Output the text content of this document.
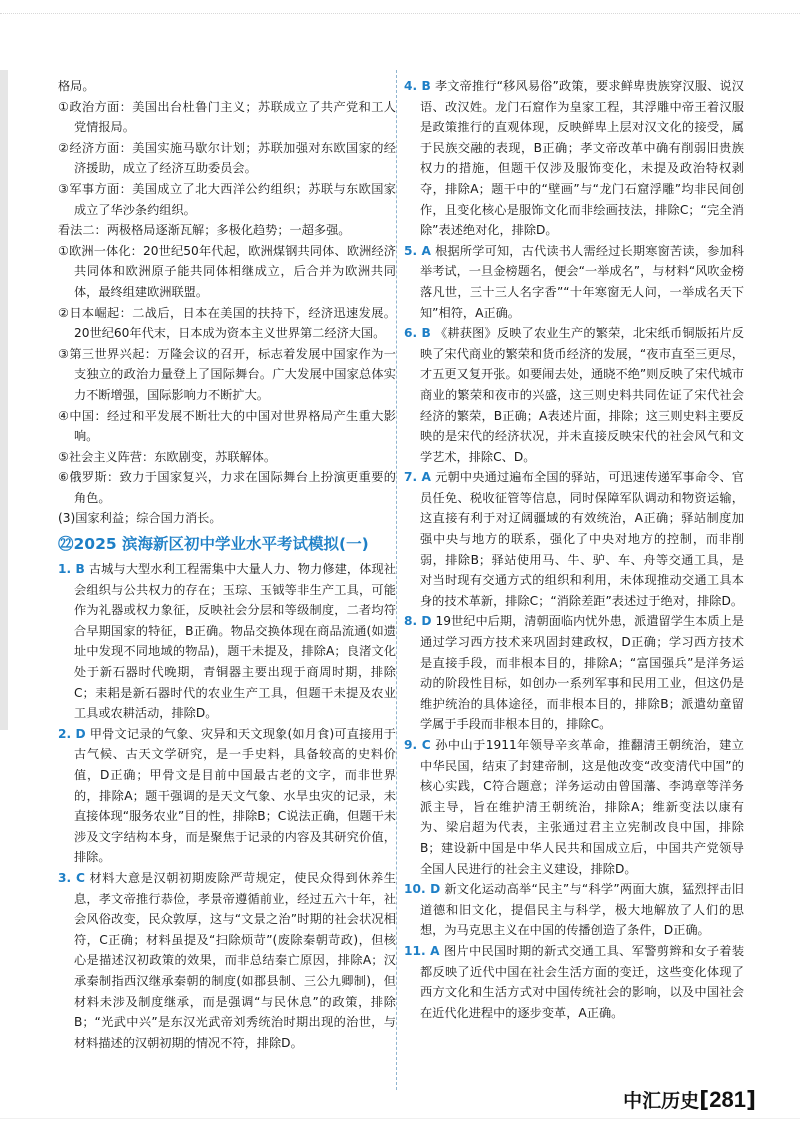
格局。

①政治方面：美国出台杜鲁门主义；苏联成立了共产党和工人党情报局。

②经济方面：美国实施马歇尔计划；苏联加强对东欧国家的经济援助，成立了经济互助委员会。

③军事方面：美国成立了北大西洋公约组织；苏联与东欧国家成立了华沙条约组织。

看法二：两极格局逐渐瓦解；多极化趋势；一超多强。

①欧洲一体化：20世纪50年代起，欧洲煤钢共同体、欧洲经济共同体和欧洲原子能共同体相继成立，后合并为欧洲共同体，最终组建欧洲联盟。

②日本崛起：二战后，日本在美国的扶持下，经济迅速发展。20世纪60年代末，日本成为资本主义世界第二经济大国。

③第三世界兴起：万隆会议的召开，标志着发展中国家作为一支独立的政治力量登上了国际舞台。广大发展中国家总体实力不断增强，国际影响力不断扩大。

④中国：经过和平发展不断壮大的中国对世界格局产生重大影响。

⑤社会主义阵营：东欧剧变，苏联解体。

⑥俄罗斯：致力于国家复兴，力求在国际舞台上扮演更重要的角色。

(3)国家利益；综合国力消长。

㉒2025 滨海新区初中学业水平考试模拟(一)
1. B 古城与大型水利工程需集中大量人力、物力修建，体现社会组织与公共权力的存在；玉琮、玉钺等非生产工具，可能作为礼器或权力象征，反映社会分层和等级制度，二者均符合早期国家的特征，B正确。物品交换体现在商品流通(如遗址中发现不同地域的物品)，题干未提及，排除A；良渚文化处于新石器时代晚期，青铜器主要出现于商周时期，排除C；耒耜是新石器时代的农业生产工具，但题干未提及农业工具或农耕活动，排除D。
2. D 甲骨文记录的气象、灾异和天文现象(如月食)可直接用于古气候、古天文学研究，是一手史料，具备较高的史料价值，D正确；甲骨文是目前中国最古老的文字，而非世界的，排除A；题干强调的是天文气象、水旱虫灾的记录，未直接体现“服务农业”目的性，排除B；C说法正确，但题干未涉及文字结构本身，而是聚焦于记录的内容及其研究价值，排除。
3. C 材料大意是汉朝初期废除严苛规定，使民众得到休养生息，孝文帝推行恭俭，孝景帝遵循前业，经过五六十年，社会风俗改变，民众敦厚，这与“文景之治”时期的社会状况相符，C正确；材料虽提及“扫除烦苛”(废除秦朝苛政)，但核心是描述汉初政策的效果，而非总结秦亡原因，排除A；汉承秦制指西汉继承秦朝的制度(如郡县制、三公九卿制)，但材料未涉及制度继承，而是强调“与民休息”的政策，排除B；“光武中兴”是东汉光武帝刘秀统治时期出现的治世，与材料描述的汉朝初期的情况不符，排除D。
4. B 孝文帝推行“移风易俗”政策，要求鲜卑贵族穿汉服、说汉语、改汉姓。龙门石窟作为皇家工程，其浮雕中帝王着汉服是政策推行的直观体现，反映鲜卑上层对汉文化的接受，属于民族交融的表现，B正确；孝文帝改革中确有削弱旧贵族权力的措施，但题干仅涉及服饰变化，未提及政治特权剥夺，排除A；题干中的“壁画”与“龙门石窟浮雕”均非民间创作，且变化核心是服饰文化而非绘画技法，排除C；“完全消除”表述绝对化，排除D。
5. A 根据所学可知，古代读书人需经过长期寒窗苦读，参加科举考试，一旦金榜题名，便会“一举成名”，与材料“风吹金榜落凡世，三十三人名字香”“十年寒窗无人问，一举成名天下知”相符，A正确。
6. B 《耕获图》反映了农业生产的繁荣，北宋纸币铜版拓片反映了宋代商业的繁荣和货币经济的发展，“夜市直至三更尽，才五更又复开张。如要闹去处，通晓不绝”则反映了宋代城市商业的繁荣和夜市的兴盛，这三则史料共同佐证了宋代社会经济的繁荣，B正确；A表述片面，排除；这三则史料主要反映的是宋代的经济状况，并未直接反映宋代的社会风气和文学艺术，排除C、D。
7. A 元朝中央通过遍布全国的驿站，可迅速传递军事命令、官员任免、税收征管等信息，同时保障军队调动和物资运输，这直接有利于对辽阔疆域的有效统治，A正确；驿站制度加强中央与地方的联系，强化了中央对地方的控制，而非削弱，排除B；驿站使用马、牛、驴、车、舟等交通工具，是对当时现有交通方式的组织和利用，未体现推动交通工具本身的技术革新，排除C；“消除差距”表述过于绝对，排除D。
8. D 19世纪中后期，清朝面临内忧外患，派遣留学生本质上是通过学习西方技术来巩固封建政权，D正确；学习西方技术是直接手段，而非根本目的，排除A；“富国强兵”是洋务运动的阶段性目标，如创办一系列军事和民用工业，但这仍是维护统治的具体途径，而非根本目的，排除B；派遣幼童留学属于手段而非根本目的，排除C。
9. C 孙中山于1911年领导辛亥革命，推翻清王朝统治，建立中华民国，结束了封建帝制，这是他改变“改变清代中国”的核心实践，C符合题意；洋务运动由曾国藩、李鸿章等洋务派主导，旨在维护清王朝统治，排除A；维新变法以康有为、梁启超为代表，主张通过君主立宪制改良中国，排除B；建设新中国是中华人民共和国成立后，中国共产党领导全国人民进行的社会主义建设，排除D。
10. D 新文化运动高举“民主”与“科学”两面大旗，猛烈抨击旧道德和旧文化，提倡民主与科学，极大地解放了人们的思想，为马克思主义在中国的传播创造了条件，D正确。
11. A 图片中民国时期的新式交通工具、军警剪辫和女子着装都反映了近代中国在社会生活方面的变迁，这些变化体现了西方文化和生活方式对中国传统社会的影响，以及中国社会在近代化进程中的逐步变革，A正确。
中汇历史[281]
